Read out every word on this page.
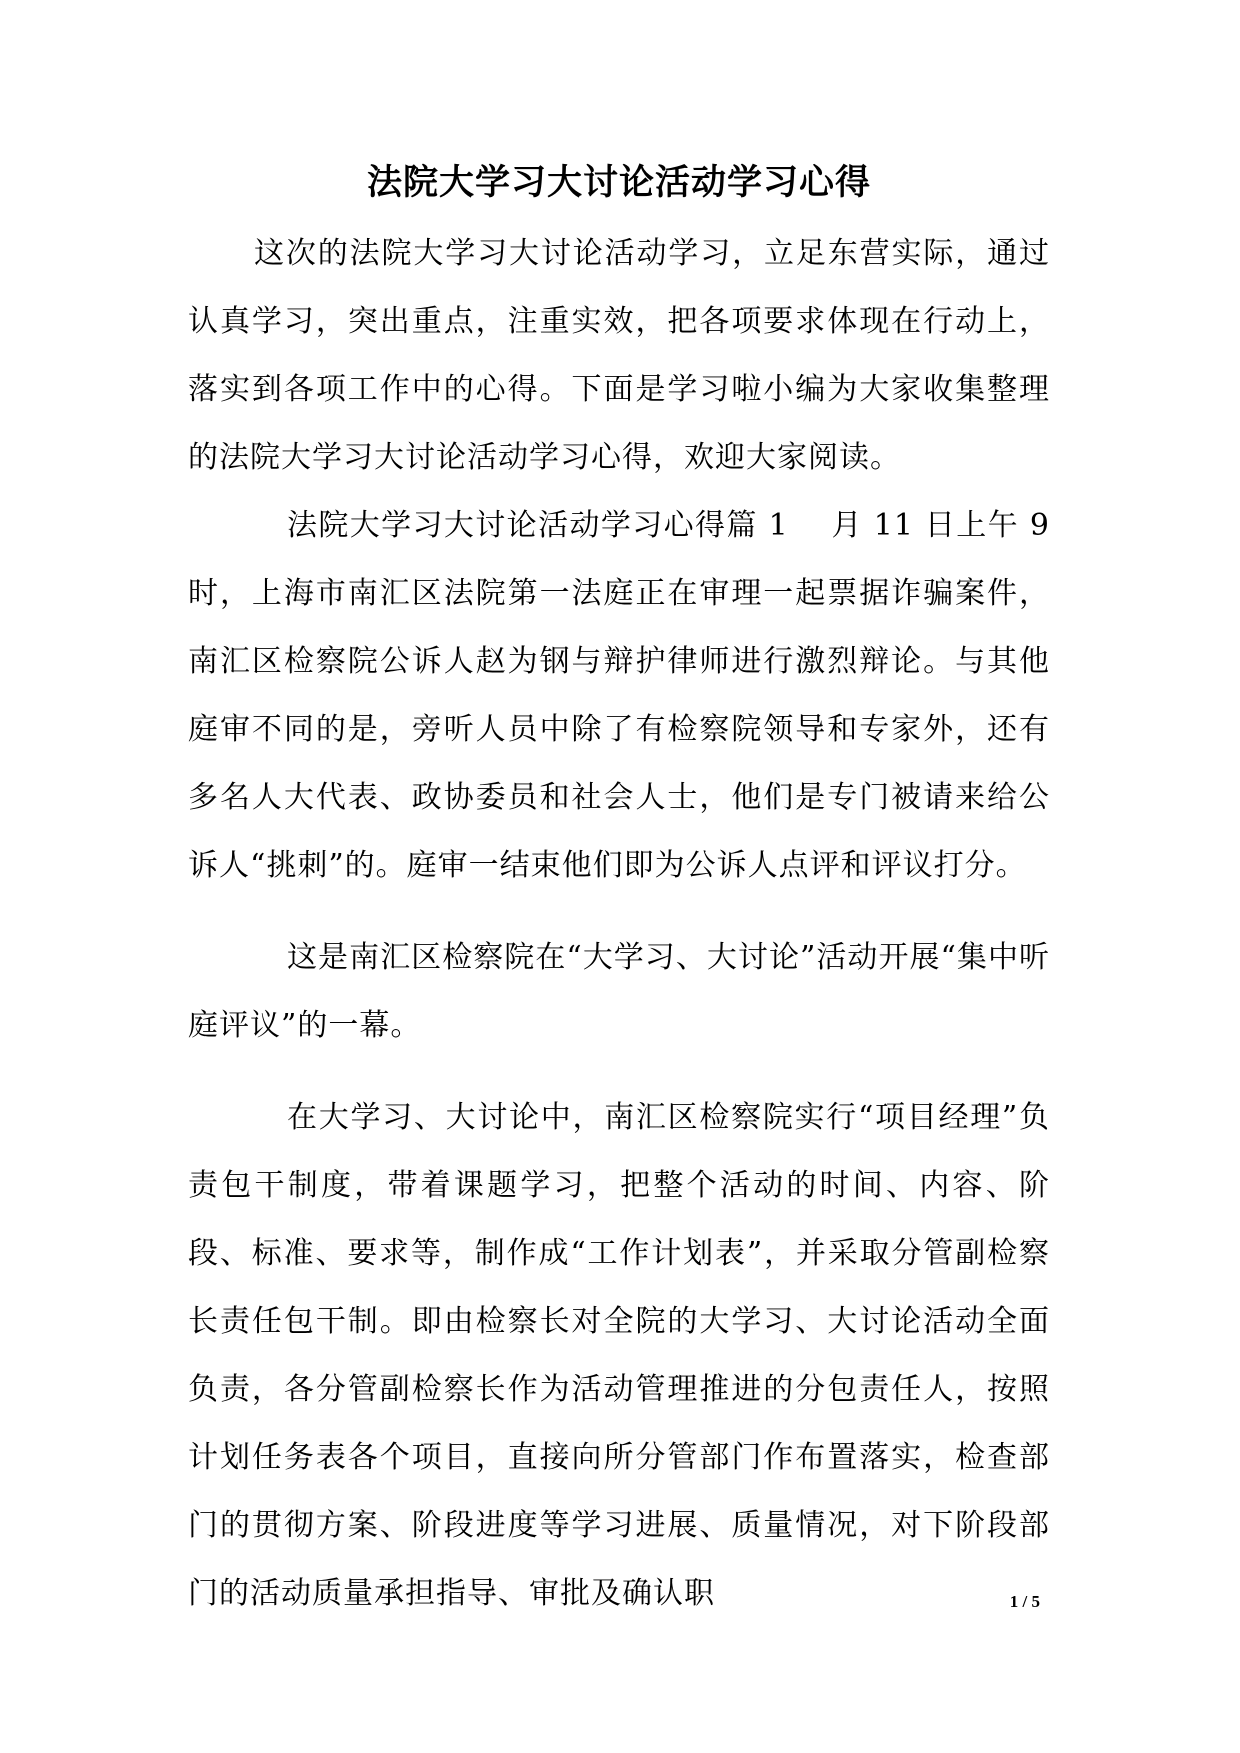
法院大学习大讨论活动学习心得

这次的法院大学习大讨论活动学习，立足东营实际，通过认真学习，突出重点，注重实效，把各项要求体现在行动上，落实到各项工作中的心得。下面是学习啦小编为大家收集整理的法院大学习大讨论活动学习心得，欢迎大家阅读。

法院大学习大讨论活动学习心得篇 1　 月 11 日上午 9 时，上海市南汇区法院第一法庭正在审理一起票据诈骗案件，南汇区检察院公诉人赵为钢与辩护律师进行激烈辩论。与其他庭审不同的是，旁听人员中除了有检察院领导和专家外，还有多名人大代表、政协委员和社会人士，他们是专门被请来给公诉人“挑刺”的。庭审一结束他们即为公诉人点评和评议打分。

这是南汇区检察院在“大学习、大讨论”活动开展“集中听庭评议”的一幕。

在大学习、大讨论中，南汇区检察院实行“项目经理”负责包干制度，带着课题学习，把整个活动的时间、内容、阶段、标准、要求等，制作成“工作计划表”，并采取分管副检察长责任包干制。即由检察长对全院的大学习、大讨论活动全面负责，各分管副检察长作为活动管理推进的分包责任人，按照计划任务表各个项目，直接向所分管部门作布置落实，检查部门的贯彻方案、阶段进度等学习进展、质量情况，对下阶段部门的活动质量承担指导、审批及确认职	1 / 5
